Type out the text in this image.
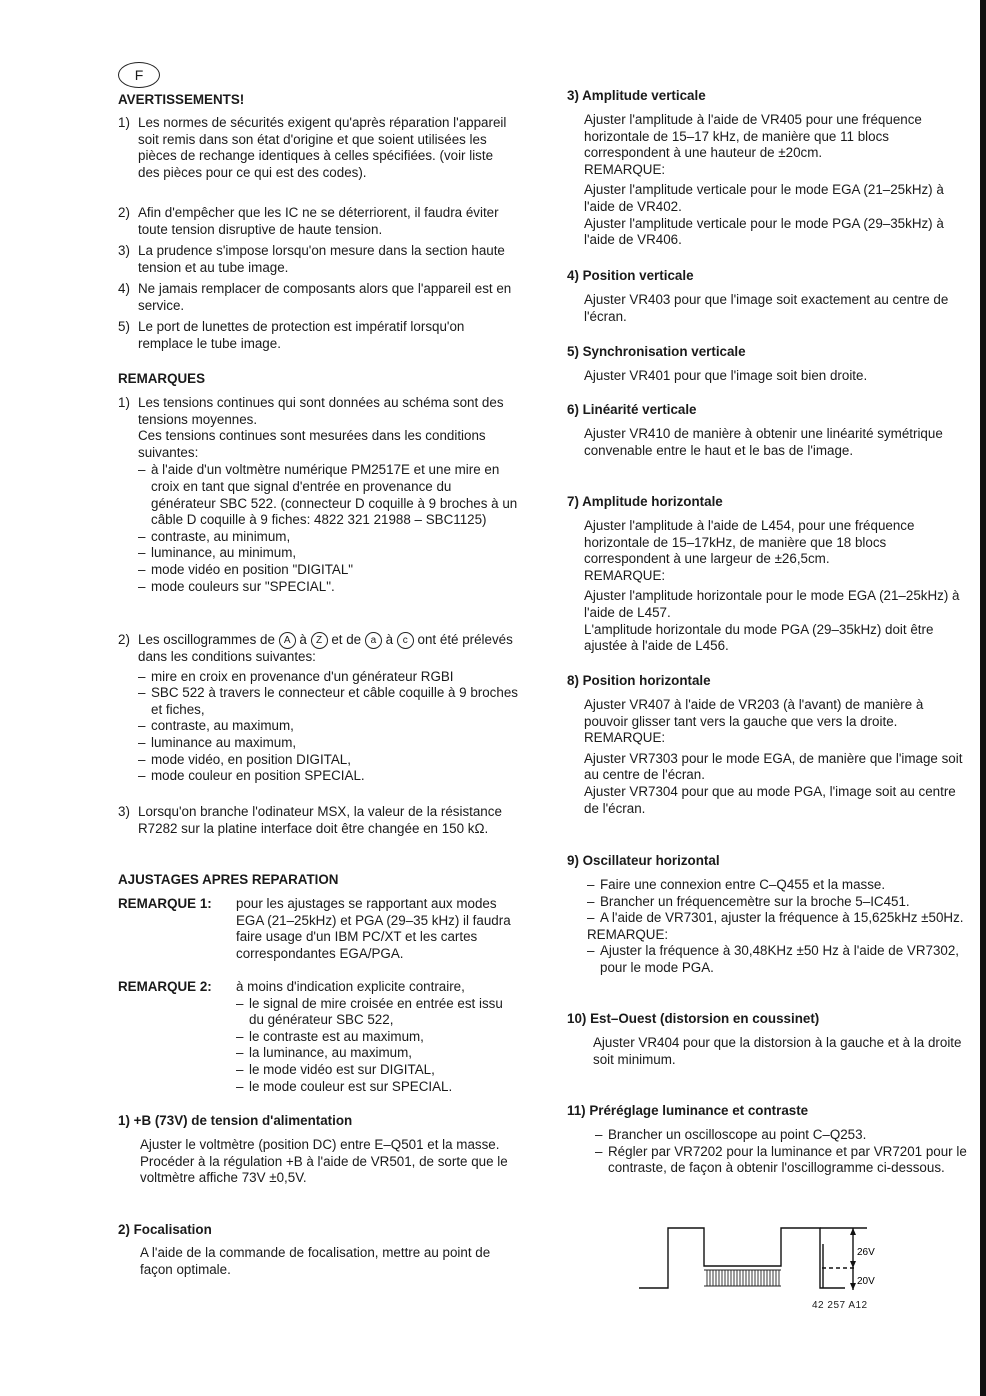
F
AVERTISSEMENTS!
1) Les normes de sécurités exigent qu'après réparation l'appareil soit remis dans son état d'origine et que soient utilisées les pièces de rechange identiques à celles spécifiées. (voir liste des pièces pour ce qui est des codes).
2) Afin d'empêcher que les IC ne se déterriorent, il faudra éviter toute tension disruptive de haute tension.
3) La prudence s'impose lorsqu'on mesure dans la section haute tension et au tube image.
4) Ne jamais remplacer de composants alors que l'appareil est en service.
5) Le port de lunettes de protection est impératif lorsqu'on remplace le tube image.
REMARQUES
1) Les tensions continues qui sont données au schéma sont des tensions moyennes.
Ces tensions continues sont mesurées dans les conditions suivantes:
– à l'aide d'un voltmètre numérique PM2517E et une mire en croix en tant que signal d'entrée en provenance du générateur SBC 522. (connecteur D coquille à 9 broches à un câble D coquille à 9 fiches: 4822 321 21988 – SBC1125)
– contraste, au minimum,
– luminance, au minimum,
– mode vidéo en position "DIGITAL"
– mode couleurs sur "SPECIAL".
2) Les oscillogrammes de A à Z et de a à c ont été prélevés dans les conditions suivantes:
– mire en croix en provenance d'un générateur RGBI
– SBC 522 à travers le connecteur et câble coquille à 9 broches et fiches,
– contraste, au maximum,
– luminance au maximum,
– mode vidéo, en position DIGITAL,
– mode couleur en position SPECIAL.
3) Lorsqu'on branche l'odinateur MSX, la valeur de la résistance R7282 sur la platine interface doit être changée en 150 kΩ.
AJUSTAGES APRES REPARATION
REMARQUE 1: pour les ajustages se rapportant aux modes EGA (21–25kHz) et PGA (29–35 kHz) il faudra faire usage d'un IBM PC/XT et les cartes correspondantes EGA/PGA.
REMARQUE 2: à moins d'indication explicite contraire,
– le signal de mire croisée en entrée est issu du générateur SBC 522,
– le contraste est au maximum,
– la luminance, au maximum,
– le mode vidéo est sur DIGITAL,
– le mode couleur est sur SPECIAL.
1) +B (73V) de tension d'alimentation
Ajuster le voltmètre (position DC) entre E–Q501 et la masse.
Procéder à la régulation +B à l'aide de VR501, de sorte que le voltmètre affiche 73V ±0,5V.
2) Focalisation
A l'aide de la commande de focalisation, mettre au point de façon optimale.
3) Amplitude verticale
Ajuster l'amplitude à l'aide de VR405 pour une fréquence horizontale de 15–17 kHz, de manière que 11 blocs correspondent à une hauteur de ±20cm.
REMARQUE:
Ajuster l'amplitude verticale pour le mode EGA (21–25kHz) à l'aide de VR402.
Ajuster l'amplitude verticale pour le mode PGA (29–35kHz) à l'aide de VR406.
4) Position verticale
Ajuster VR403 pour que l'image soit exactement au centre de l'écran.
5) Synchronisation verticale
Ajuster VR401 pour que l'image soit bien droite.
6) Linéarité verticale
Ajuster VR410 de manière à obtenir une linéarité symétrique convenable entre le haut et le bas de l'image.
7) Amplitude horizontale
Ajuster l'amplitude à l'aide de L454, pour une fréquence horizontale de 15–17kHz, de manière que 18 blocs correspondent à une largeur de ±26,5cm.
REMARQUE:
Ajuster l'amplitude horizontale pour le mode EGA (21–25kHz) à l'aide de L457.
L'amplitude horizontale du mode PGA (29–35kHz) doit être ajustée à l'aide de L456.
8) Position horizontale
Ajuster VR407 à l'aide de VR203 (à l'avant) de manière à pouvoir glisser tant vers la gauche que vers la droite.
REMARQUE:
Ajuster VR7303 pour le mode EGA, de manière que l'image soit au centre de l'écran.
Ajuster VR7304 pour que au mode PGA, l'image soit au centre de l'écran.
9) Oscillateur horizontal
– Faire une connexion entre C–Q455 et la masse.
– Brancher un fréquencemètre sur la broche 5–IC451.
– A l'aide de VR7301, ajuster la fréquence à 15,625kHz ±50Hz.
REMARQUE:
– Ajuster la fréquence à 30,48KHz ±50 Hz à l'aide de VR7302, pour le mode PGA.
10) Est–Ouest (distorsion en coussinet)
Ajuster VR404 pour que la distorsion à la gauche et à la droite
soit minimum.
11) Préréglage luminance et contraste
– Brancher un oscilloscope au point C–Q253.
– Régler par VR7202 pour la luminance et par VR7201 pour le contraste, de façon à obtenir l'oscillogramme ci-dessous.
26V
20V
42 257 A12
